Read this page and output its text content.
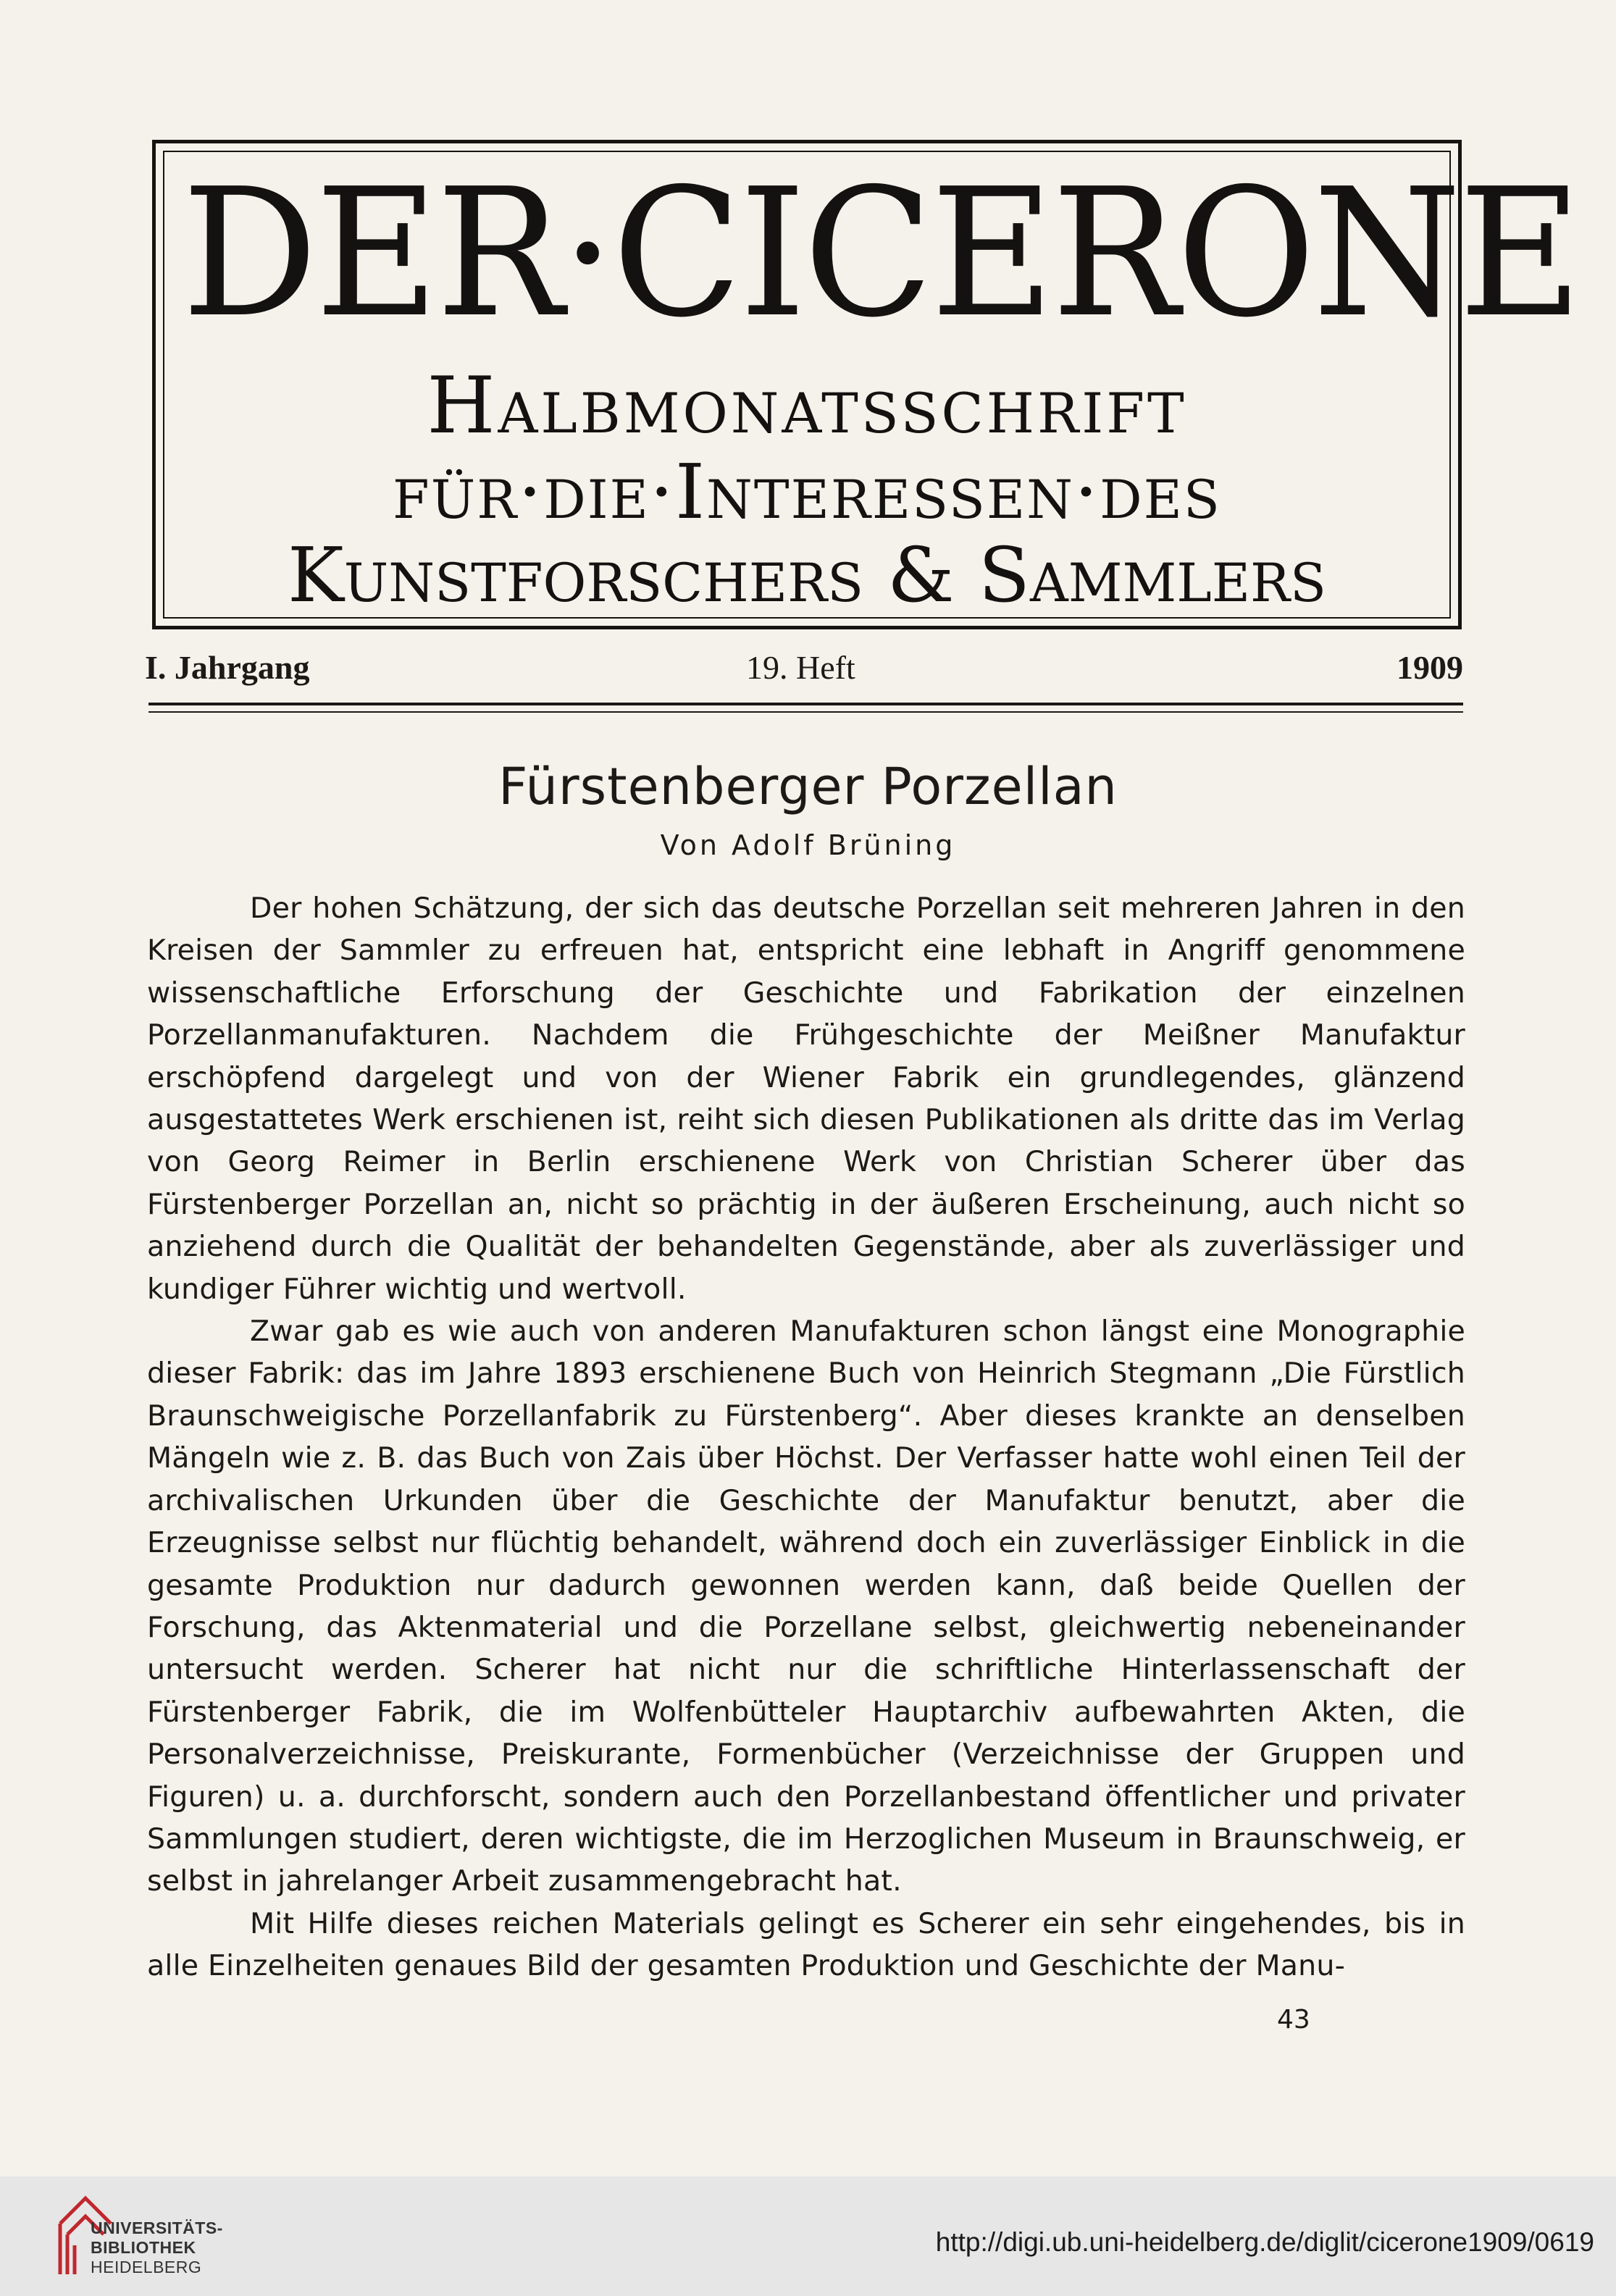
DER·CICERONE
Halbmonatsschrift
für·die·Interessen·des
Kunstforschers & Sammlers
I. Jahrgang	19. Heft	1909
Fürstenberger Porzellan
Von Adolf Brüning

Der hohen Schätzung, der sich das deutsche Porzellan seit mehreren Jahren in den Kreisen der Sammler zu erfreuen hat, entspricht eine lebhaft in Angriff genommene wissenschaftliche Erforschung der Geschichte und Fabrikation der einzelnen Porzellanmanufakturen. Nachdem die Frühgeschichte der Meißner Manufaktur erschöpfend dargelegt und von der Wiener Fabrik ein grundlegendes, glänzend ausgestattetes Werk erschienen ist, reiht sich diesen Publikationen als dritte das im Verlag von Georg Reimer in Berlin erschienene Werk von Christian Scherer über das Fürstenberger Porzellan an, nicht so prächtig in der äußeren Erscheinung, auch nicht so anziehend durch die Qualität der behandelten Gegenstände, aber als zuverlässiger und kundiger Führer wichtig und wertvoll.

Zwar gab es wie auch von anderen Manufakturen schon längst eine Monographie dieser Fabrik: das im Jahre 1893 erschienene Buch von Heinrich Stegmann „Die Fürstlich Braunschweigische Porzellanfabrik zu Fürstenberg“. Aber dieses krankte an denselben Mängeln wie z. B. das Buch von Zais über Höchst. Der Verfasser hatte wohl einen Teil der archivalischen Urkunden über die Geschichte der Manufaktur benutzt, aber die Erzeugnisse selbst nur flüchtig behandelt, während doch ein zuverlässiger Einblick in die gesamte Produktion nur dadurch gewonnen werden kann, daß beide Quellen der Forschung, das Aktenmaterial und die Porzellane selbst, gleichwertig nebeneinander untersucht werden. Scherer hat nicht nur die schriftliche Hinterlassenschaft der Fürstenberger Fabrik, die im Wolfenbütteler Hauptarchiv aufbewahrten Akten, die Personalverzeichnisse, Preiskurante, Formenbücher (Verzeichnisse der Gruppen und Figuren) u. a. durchforscht, sondern auch den Porzellanbestand öffentlicher und privater Sammlungen studiert, deren wichtigste, die im Herzoglichen Museum in Braunschweig, er selbst in jahrelanger Arbeit zusammengebracht hat.

Mit Hilfe dieses reichen Materials gelingt es Scherer ein sehr eingehendes, bis in alle Einzelheiten genaues Bild der gesamten Produktion und Geschichte der Manu-

43
UNIVERSITÄTS-
BIBLIOTHEK
HEIDELBERG
http://digi.ub.uni-heidelberg.de/diglit/cicerone1909/0619
